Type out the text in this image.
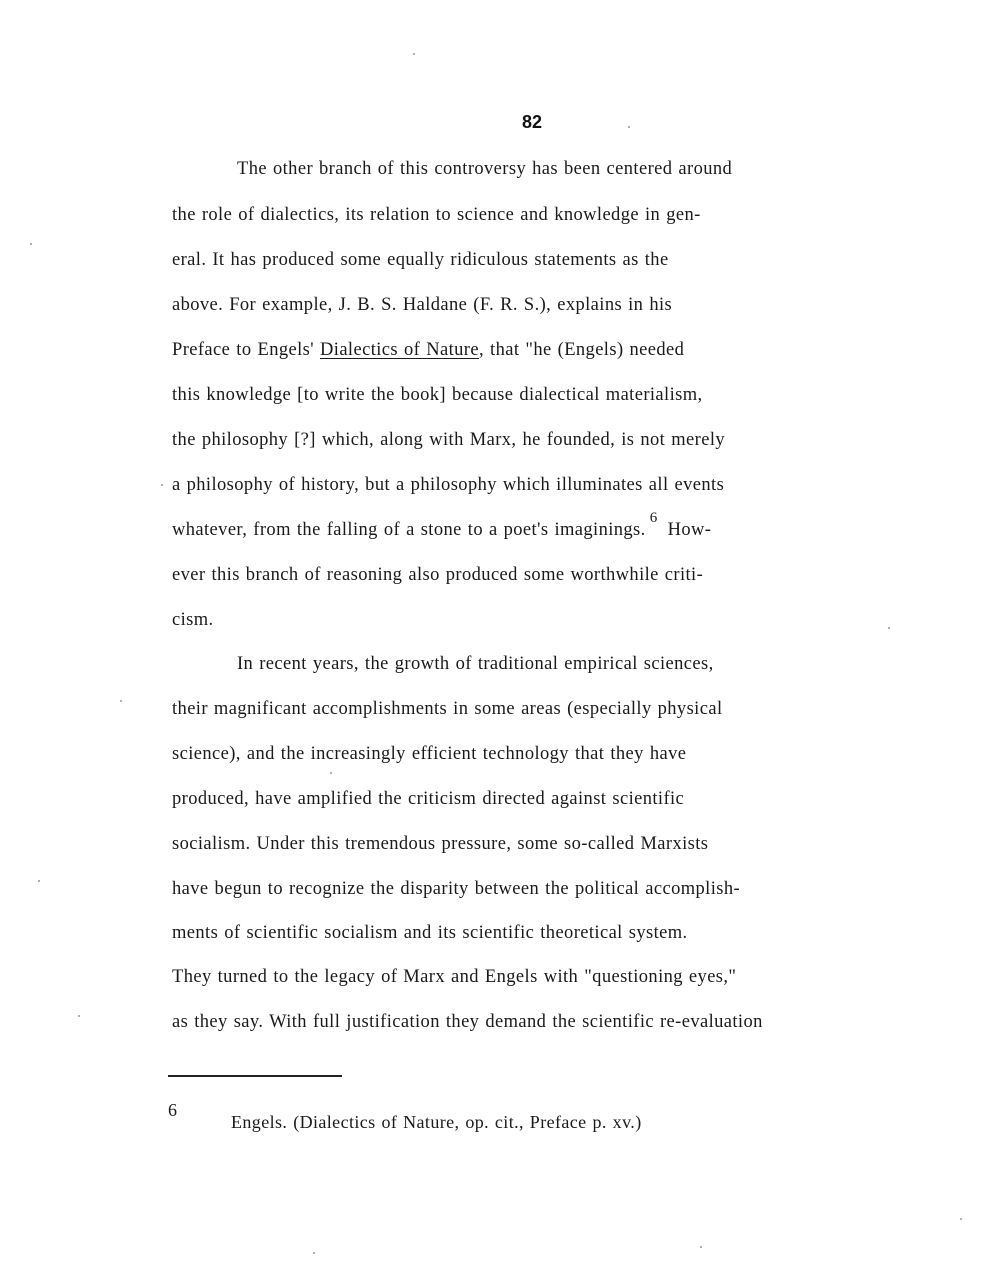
82
The other branch of this controversy has been centered around
the role of dialectics, its relation to science and knowledge in gen-
eral. It has produced some equally ridiculous statements as the
above. For example, J. B. S. Haldane (F. R. S.), explains in his
Preface to Engels' Dialectics of Nature, that "he (Engels) needed
this knowledge [to write the book] because dialectical materialism,
the philosophy [?] which, along with Marx, he founded, is not merely
a philosophy of history, but a philosophy which illuminates all events
whatever, from the falling of a stone to a poet's imaginings.$^6$ How-
ever this branch of reasoning also produced some worthwhile criti-
cism.
In recent years, the growth of traditional empirical sciences,
their magnificant accomplishments in some areas (especially physical
science), and the increasingly efficient technology that they have
produced, have amplified the criticism directed against scientific
socialism. Under this tremendous pressure, some so-called Marxists
have begun to recognize the disparity between the political accomplish-
ments of scientific socialism and its scientific theoretical system.
They turned to the legacy of Marx and Engels with "questioning eyes,"
as they say. With full justification they demand the scientific re-evaluation
6
Engels. (Dialectics of Nature, op. cit., Preface p. xv.)
